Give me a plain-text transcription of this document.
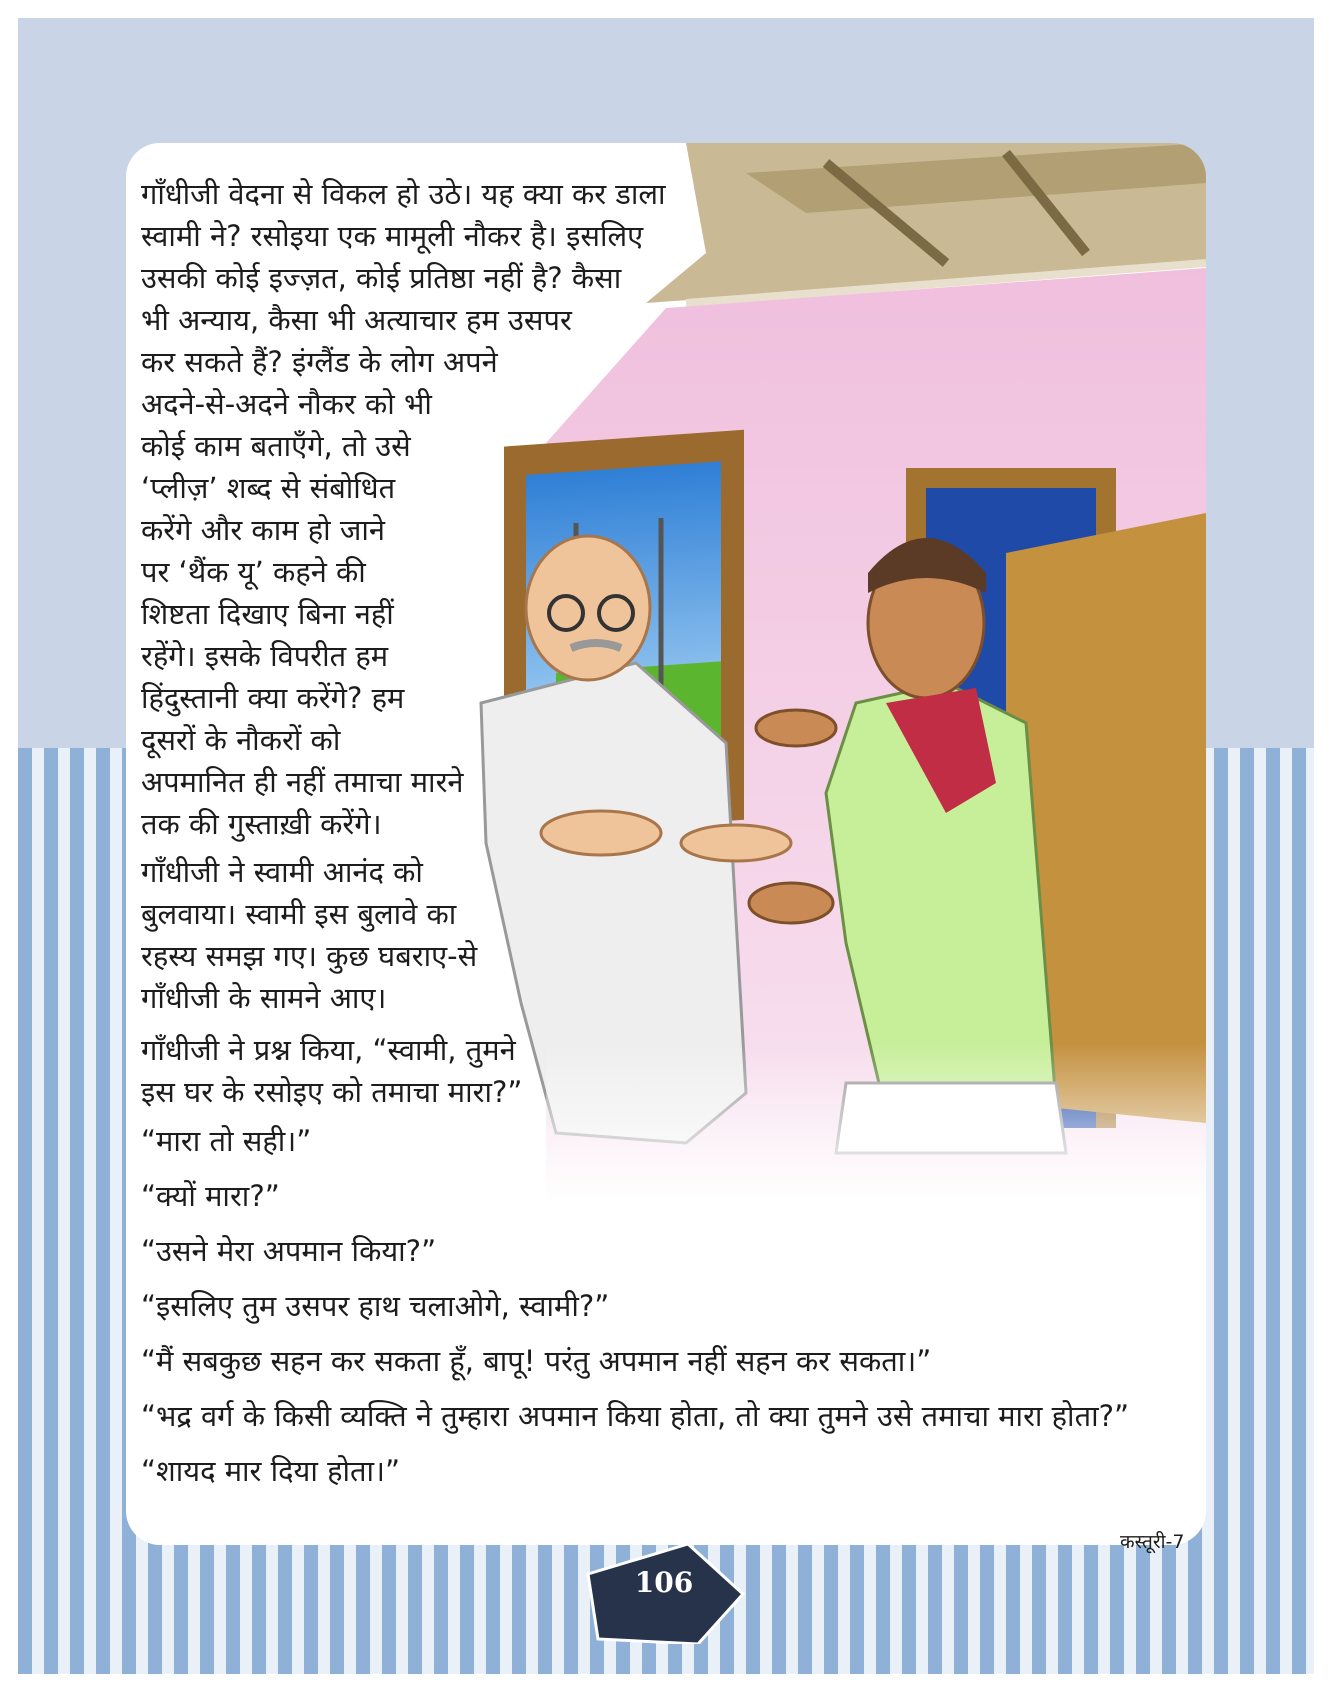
गाँधीजी वेदना से विकल हो उठे। यह क्या कर डाला
स्वामी ने? रसोइया एक मामूली नौकर है। इसलिए
उसकी कोई इज्ज़त, कोई प्रतिष्ठा नहीं है? कैसा
भी अन्याय, कैसा भी अत्याचार हम उसपर
कर सकते हैं? इंग्लैंड के लोग अपने
अदने-से-अदने नौकर को भी
कोई काम बताएँगे, तो उसे
‘प्लीज़’ शब्द से संबोधित
करेंगे और काम हो जाने
पर ‘थैंक यू’ कहने की
शिष्टता दिखाए बिना नहीं
रहेंगे। इसके विपरीत हम
हिंदुस्तानी क्या करेंगे? हम
दूसरों के नौकरों को
अपमानित ही नहीं तमाचा मारने
तक की गुस्ताख़ी करेंगे।

गाँधीजी ने स्वामी आनंद को
बुलवाया। स्वामी इस बुलावे का
रहस्य समझ गए। कुछ घबराए-से
गाँधीजी के सामने आए।

गाँधीजी ने प्रश्न किया, “स्वामी, तुमने
इस घर के रसोइए को तमाचा मारा?”

“मारा तो सही।”

“क्यों मारा?”

“उसने मेरा अपमान किया?”

“इसलिए तुम उसपर हाथ चलाओगे, स्वामी?”

“मैं सबकुछ सहन कर सकता हूँ, बापू! परंतु अपमान नहीं सहन कर सकता।”

“भद्र वर्ग के किसी व्यक्ति ने तुम्हारा अपमान किया होता, तो क्या तुमने उसे तमाचा मारा होता?”

“शायद मार दिया होता।”

106
कस्तूरी-7
